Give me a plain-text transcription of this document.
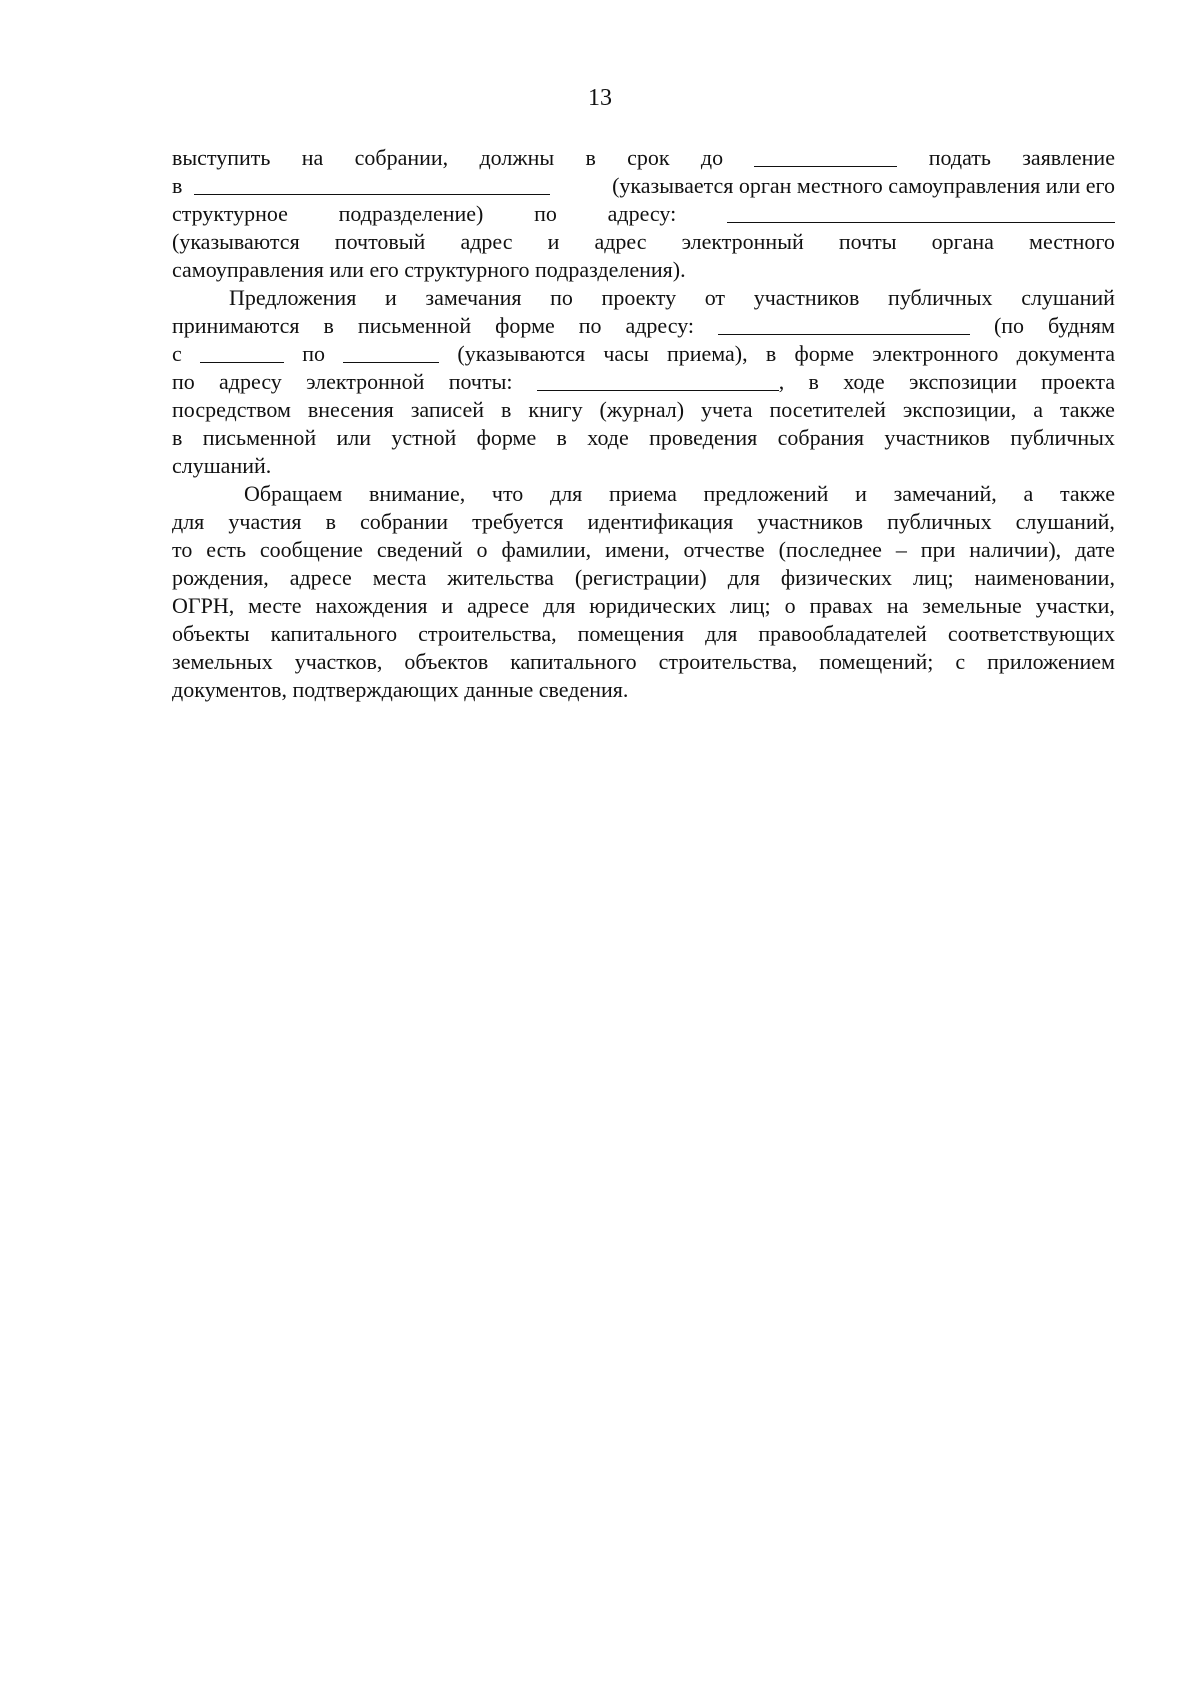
13
выступить на собрании, должны в срок до	подать заявление
в	(указывается орган местного самоуправления или его
структурное подразделение) по адресу:
(указываются почтовый адрес и адрес электронный почты органа местного
самоуправления или его структурного подразделения).
Предложения и замечания по проекту от участников публичных слушаний
принимаются в письменной форме по адресу:	(по будням
с	по	(указываются часы приема), в форме электронного документа
по адресу электронной почты:	, в ходе экспозиции проекта
посредством внесения записей в книгу (журнал) учета посетителей экспозиции, а также
в письменной или устной форме в ходе проведения собрания участников публичных
слушаний.
Обращаем внимание, что для приема предложений и замечаний, а также
для участия в собрании требуется идентификация участников публичных слушаний,
то есть сообщение сведений о фамилии, имени, отчестве (последнее – при наличии), дате
рождения, адресе места жительства (регистрации) для физических лиц; наименовании,
ОГРН, месте нахождения и адресе для юридических лиц; о правах на земельные участки,
объекты капитального строительства, помещения для правообладателей соответствующих
земельных участков, объектов капитального строительства, помещений; с приложением
документов, подтверждающих данные сведения.
